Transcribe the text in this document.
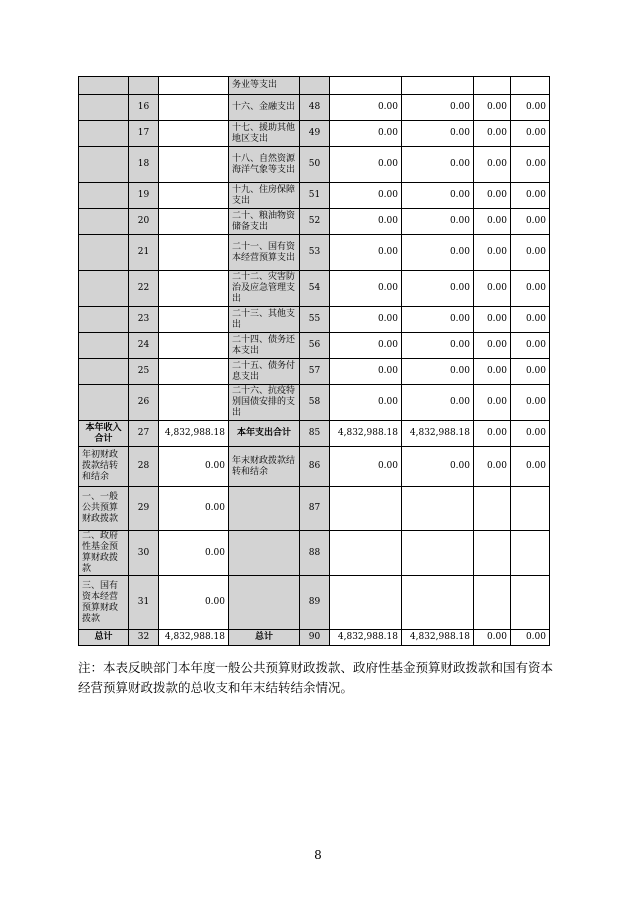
			务业等支出					
	16		十六、金融支出	48	0.00	0.00	0.00	0.00
	17		十七、援助其他地区支出	49	0.00	0.00	0.00	0.00
	18		十八、自然资源海洋气象等支出	50	0.00	0.00	0.00	0.00
	19		十九、住房保障支出	51	0.00	0.00	0.00	0.00
	20		二十、粮油物资储备支出	52	0.00	0.00	0.00	0.00
	21		二十一、国有资本经营预算支出	53	0.00	0.00	0.00	0.00
	22		二十二、灾害防治及应急管理支出	54	0.00	0.00	0.00	0.00
	23		二十三、其他支出	55	0.00	0.00	0.00	0.00
	24		二十四、债务还本支出	56	0.00	0.00	0.00	0.00
	25		二十五、债务付息支出	57	0.00	0.00	0.00	0.00
	26		二十六、抗疫特别国债安排的支出	58	0.00	0.00	0.00	0.00
本年收入合计	27	4,832,988.18	本年支出合计	85	4,832,988.18	4,832,988.18	0.00	0.00
年初财政拨款结转和结余	28	0.00	年末财政拨款结转和结余	86	0.00	0.00	0.00	0.00
一、一般公共预算财政拨款	29	0.00		87				
二、政府性基金预算财政拨款	30	0.00		88				
三、国有资本经营预算财政拨款	31	0.00		89				
总计	32	4,832,988.18	总计	90	4,832,988.18	4,832,988.18	0.00	0.00
注：本表反映部门本年度一般公共预算财政拨款、政府性基金预算财政拨款和国有资本经营预算财政拨款的总收支和年末结转结余情况。
8
